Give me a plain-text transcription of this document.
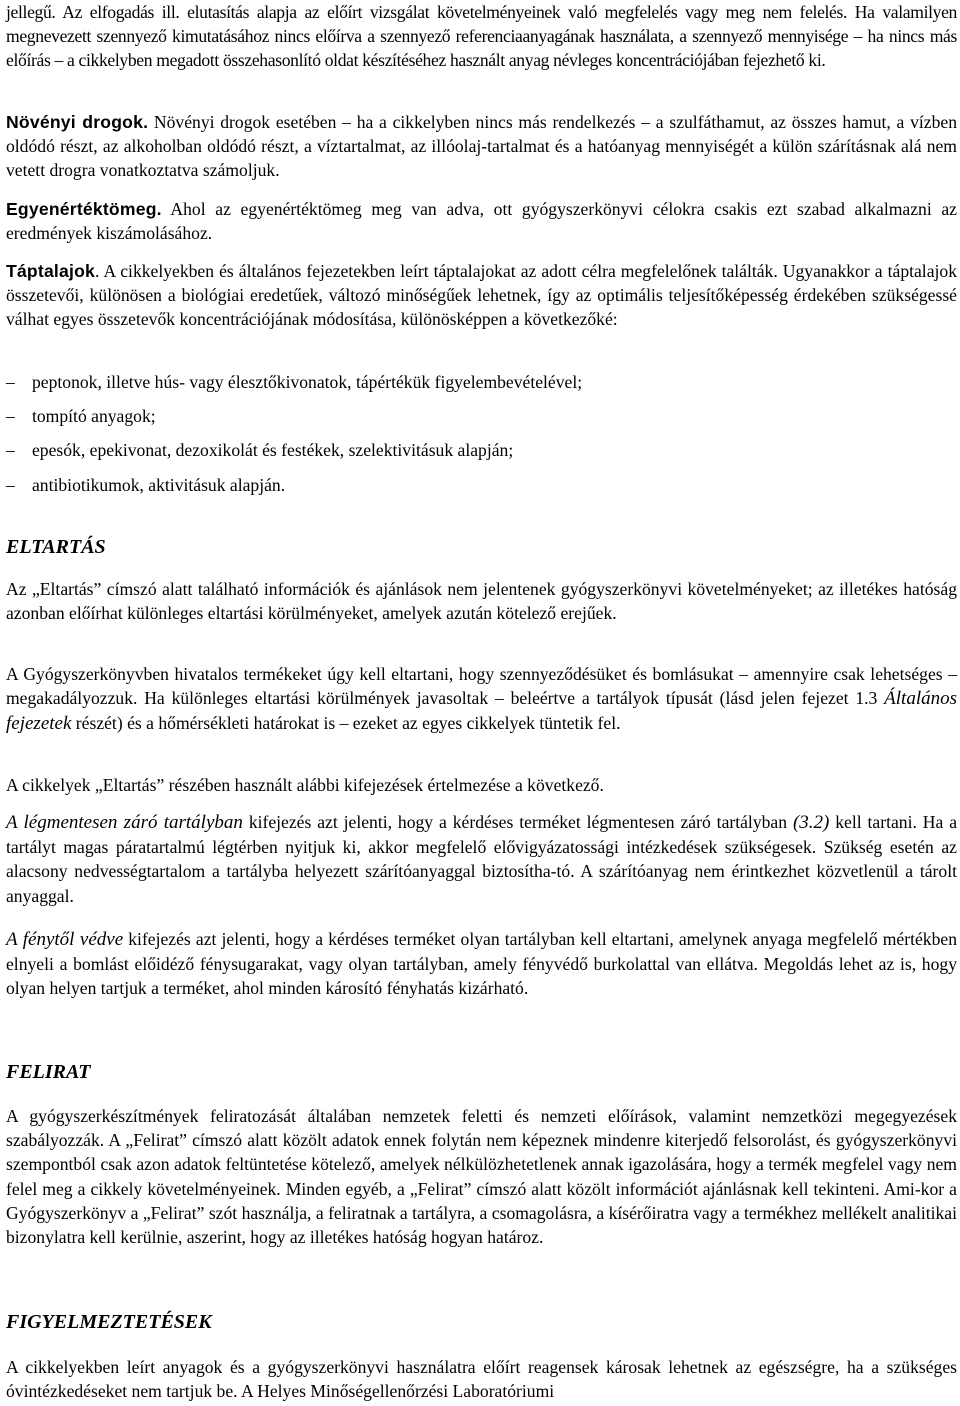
jellegű. Az elfogadás ill. elutasítás alapja az előírt vizsgálat követelményeinek való megfelelés vagy meg nem felelés. Ha valamilyen megnevezett szennyező kimutatásához nincs előírva a szennyező referenciaanyagának használata, a szennyező mennyisége – ha nincs más előírás – a cikkelyben megadott összehasonlító oldat készítéséhez használt anyag névleges koncentrációjában fejezhető ki.

Növényi drogok. Növényi drogok esetében – ha a cikkelyben nincs más rendelkezés – a szulfáthamut, az összes hamut, a vízben oldódó részt, az alkoholban oldódó részt, a víztartalmat, az illóolaj-tartalmat és a hatóanyag mennyiségét a külön szárításnak alá nem vetett drogra vonatkoztatva számoljuk.

Egyenértéktömeg. Ahol az egyenértéktömeg meg van adva, ott gyógyszerkönyvi célokra csakis ezt szabad alkalmazni az eredmények kiszámolásához.

Táptalajok. A cikkelyekben és általános fejezetekben leírt táptalajokat az adott célra megfelelőnek találták. Ugyanakkor a táptalajok összetevői, különösen a biológiai eredetűek, változó minőségűek lehetnek, így az optimális teljesítőképesség érdekében szükségessé válhat egyes összetevők koncentrációjának módosítása, különösképpen a következőké:

– peptonok, illetve hús- vagy élesztőkivonatok, tápértékük figyelembevételével;
– tompító anyagok;
– epesók, epekivonat, dezoxikolát és festékek, szelektivitásuk alapján;
– antibiotikumok, aktivitásuk alapján.
ELTARTÁS

Az „Eltartás” címszó alatt található információk és ajánlások nem jelentenek gyógyszerkönyvi követelményeket; az illetékes hatóság azonban előírhat különleges eltartási körülményeket, amelyek azután kötelező erejűek.

A Gyógyszerkönyvben hivatalos termékeket úgy kell eltartani, hogy szennyeződésüket és bomlásukat – amennyire csak lehetséges – megakadályozzuk. Ha különleges eltartási körülmények javasoltak – beleértve a tartályok típusát (lásd jelen fejezet 1.3 Általános fejezetek részét) és a hőmérsékleti határokat is – ezeket az egyes cikkelyek tüntetik fel.

A cikkelyek „Eltartás” részében használt alábbi kifejezések értelmezése a következő.

A légmentesen záró tartályban kifejezés azt jelenti, hogy a kérdéses terméket légmentesen záró tartályban (3.2) kell tartani. Ha a tartályt magas páratartalmú légtérben nyitjuk ki, akkor megfelelő elővigyázatossági intézkedések szükségesek. Szükség esetén az alacsony nedvességtartalom a tartályba helyezett szárítóanyaggal biztosítha-tó. A szárítóanyag nem érintkezhet közvetlenül a tárolt anyaggal.

A fénytől védve kifejezés azt jelenti, hogy a kérdéses terméket olyan tartályban kell eltartani, amelynek anyaga megfelelő mértékben elnyeli a bomlást előidéző fénysugarakat, vagy olyan tartályban, amely fényvédő burkolattal van ellátva. Megoldás lehet az is, hogy olyan helyen tartjuk a terméket, ahol minden károsító fényhatás kizárható.

FELIRAT

A gyógyszerkészítmények feliratozását általában nemzetek feletti és nemzeti előírások, valamint nemzetközi megegyezések szabályozzák. A „Felirat” címszó alatt közölt adatok ennek folytán nem képeznek mindenre kiterjedő felsorolást, és gyógyszerkönyvi szempontból csak azon adatok feltüntetése kötelező, amelyek nélkülözhetetlenek annak igazolására, hogy a termék megfelel vagy nem felel meg a cikkely követelményeinek. Minden egyéb, a „Felirat” címszó alatt közölt információt ajánlásnak kell tekinteni. Ami-kor a Gyógyszerkönyv a „Felirat” szót használja, a feliratnak a tartályra, a csomagolásra, a kísérőiratra vagy a termékhez mellékelt analitikai bizonylatra kell kerülnie, aszerint, hogy az illetékes hatóság hogyan határoz.

FIGYELMEZTETÉSEK

A cikkelyekben leírt anyagok és a gyógyszerkönyvi használatra előírt reagensek károsak lehetnek az egészségre, ha a szükséges óvintézkedéseket nem tartjuk be. A Helyes Minőségellenőrzési Laboratóriumi
